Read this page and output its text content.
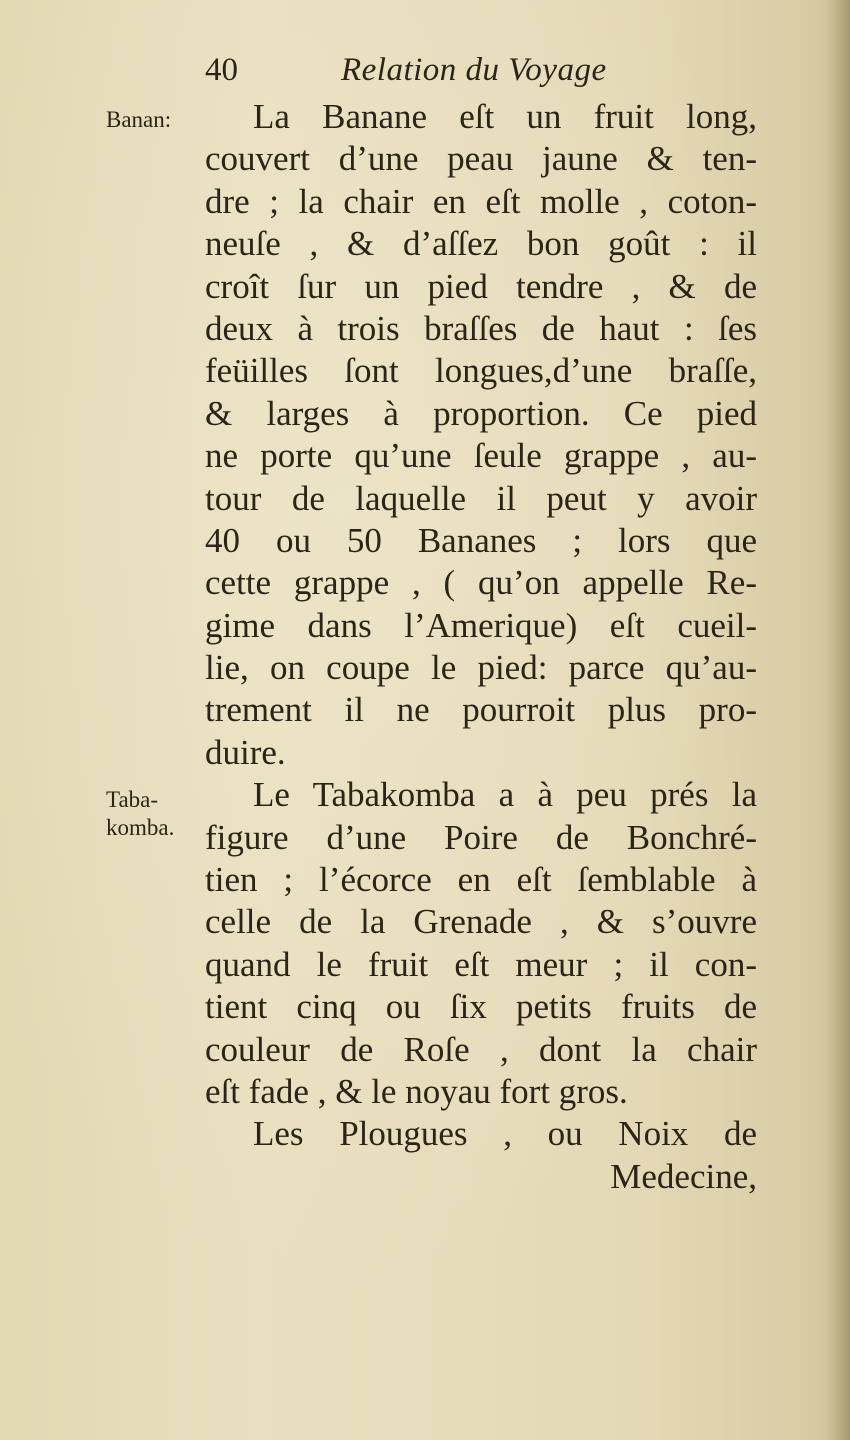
40	Relation du Voyage
Banan:
Taba-
komba.
La Banane eſt un fruit long,
couvert d’une peau jaune & ten-
dre ; la chair en eſt molle , coton-
neuſe , & d’aſſez bon goût : il
croît ſur un pied tendre , & de
deux à trois braſſes de haut : ſes
feüilles ſont longues,d’une braſſe,
& larges à proportion. Ce pied
ne porte qu’une ſeule grappe , au-
tour de laquelle il peut y avoir
40 ou 50 Bananes ; lors que
cette grappe , ( qu’on appelle Re-
gime dans l’Amerique) eſt cueil-
lie, on coupe le pied: parce qu’au-
trement il ne pourroit plus pro-
duire.
Le Tabakomba a à peu prés la
figure d’une Poire de Bonchré-
tien ; l’écorce en eſt ſemblable à
celle de la Grenade , & s’ouvre
quand le fruit eſt meur ; il con-
tient cinq ou ſix petits fruits de
couleur de Roſe , dont la chair
eſt fade , & le noyau fort gros.
Les Plougues , ou Noix de
Medecine,
